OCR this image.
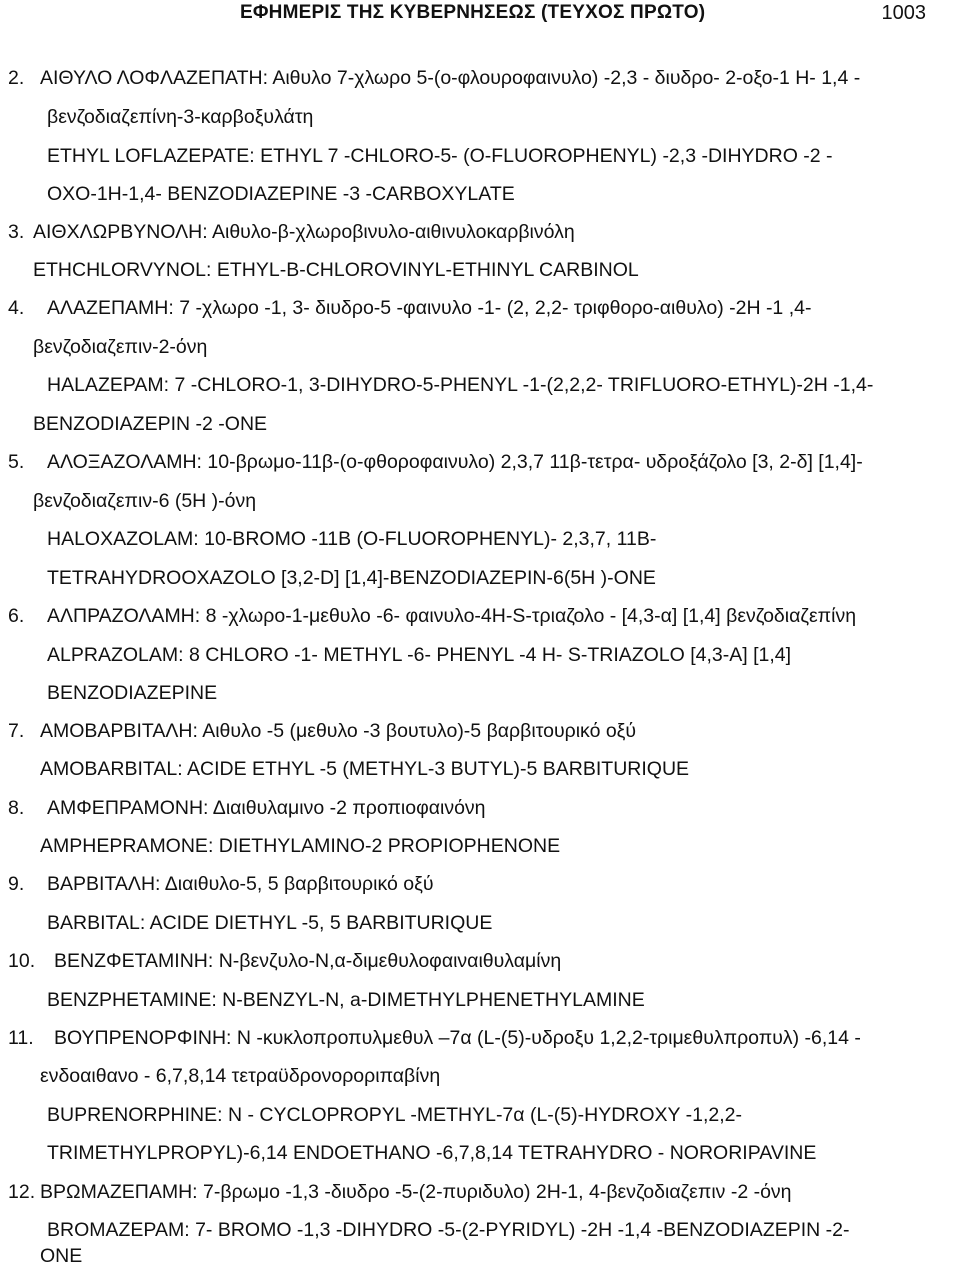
ΕΦΗΜΕΡΙΣ ΤΗΣ ΚΥΒΕΡΝΗΣΕΩΣ (ΤΕΥΧΟΣ ΠΡΩΤΟ)	1003
2. ΑΙΘΥΛΟ ΛΟΦΛΑΖΕΠΑΤΗ: Αιθυλο 7-χλωρο 5-(ο-φλουροφαινυλο) -2,3 - διυδρο- 2-οξο-1 Η- 1,4 -
βενζοδιαζεπίνη-3-καρβοξυλάτη
ETHYL LOFLAZEPATE: ETHYL 7 -CHLORO-5- (O-FLUOROPHENYL) -2,3 -DIHYDRO -2 -
OXO-1H-1,4- BENZODIAZEPINE -3 -CARBOXYLATE
3. ΑΙΘΧΛΩΡΒΥΝΟΛΗ: Αιθυλο-β-χλωροβινυλο-αιθινυλοκαρβινόλη
ETHCHLORVYNOL: ETHYL-B-CHLOROVINYL-ETHINYL CARBINOL
4. ΑΛΑΖΕΠΑΜΗ: 7 -χλωρο -1, 3- διυδρο-5 -φαινυλο -1- (2, 2,2- τριφθορο-αιθυλο) -2Η -1 ,4-
βενζοδιαζεπιν-2-όνη
HALAZEPAM: 7 -CHLORO-1, 3-DIHYDRO-5-PHENYL -1-(2,2,2- TRIFLUORO-ETHYL)-2H -1,4-
BENZODIAZEPIN -2 -ONE
5. ΑΛΟΞΑΖΟΛΑΜΗ: 10-βρωμο-11β-(ο-φθοροφαινυλο) 2,3,7 11β-τετρα- υδροξάζολο [3, 2-δ] [1,4]-
βενζοδιαζεπιν-6 (5Η )-όνη
HALOXAZOLAM: 10-BROMO -11B (O-FLUOROPHENYL)- 2,3,7, 11B-
TETRAHYDROOXAZOLO [3,2-D] [1,4]-BENZODIAZEPIN-6(5H )-ONE
6. ΑΛΠΡΑΖΟΛΑΜΗ: 8 -χλωρο-1-μεθυλο -6- φαινυλο-4Η-S-τριαζολο - [4,3-α] [1,4] βενζοδιαζεπίνη
ALPRAZOLAM: 8 CHLORO -1- METHYL -6- PHENYL -4 H- S-TRIAZOLO [4,3-A] [1,4]
BENZODIAZEPINE
7. ΑΜΟΒΑΡΒΙΤΑΛΗ: Αιθυλο -5 (μεθυλο -3 βουτυλο)-5 βαρβιτουρικό οξύ
AMOBARBITAL: ACIDE ETHYL -5 (METHYL-3 BUTYL)-5 BARBITURIQUE
8. ΑΜΦΕΠΡΑΜΟΝΗ: Διαιθυλαμινο -2 προπιοφαινόνη
AMPHEPRAMONE: DIETHYLAMINO-2 PROPIOPHENONE
9. ΒΑΡΒΙΤΑΛΗ: Διαιθυλο-5, 5 βαρβιτουρικό οξύ
BARBITAL: ACIDE DIETHYL -5, 5 BARBITURIQUE
10. ΒΕΝΖΦΕΤΑΜΙΝΗ: Ν-βενζυλο-Ν,α-διμεθυλοφαιναιθυλαμίνη
BENZPHETAMINE: N-BENZYL-N, a-DIMETHYLPHENETHYLAMINE
11. ΒΟΥΠΡΕΝΟΡΦΙΝΗ: Ν -κυκλοπροπυλμεθυλ –7α (L-(5)-υδροξυ 1,2,2-τριμεθυλπροπυλ) -6,14 -
ενδοαιθανο - 6,7,8,14 τετραϋδρονοροριπαβίνη
BUPRENORPHINE: N - CYCLOPROPYL -METHYL-7α (L-(5)-HYDROXY -1,2,2-
TRIMETHYLPROPYL)-6,14 ENDOETHANO -6,7,8,14 TETRAHYDRO - NORORIPAVINE
12. ΒΡΩΜΑΖΕΠΑΜΗ: 7-βρωμο -1,3 -διυδρο -5-(2-πυριδυλο) 2Η-1, 4-βενζοδιαζεπιν -2 -όνη
BROMAZEPAM: 7- BROMO -1,3 -DIHYDRO -5-(2-PYRIDYL) -2H -1,4 -BENZODIAZEPIN -2-
ONE
